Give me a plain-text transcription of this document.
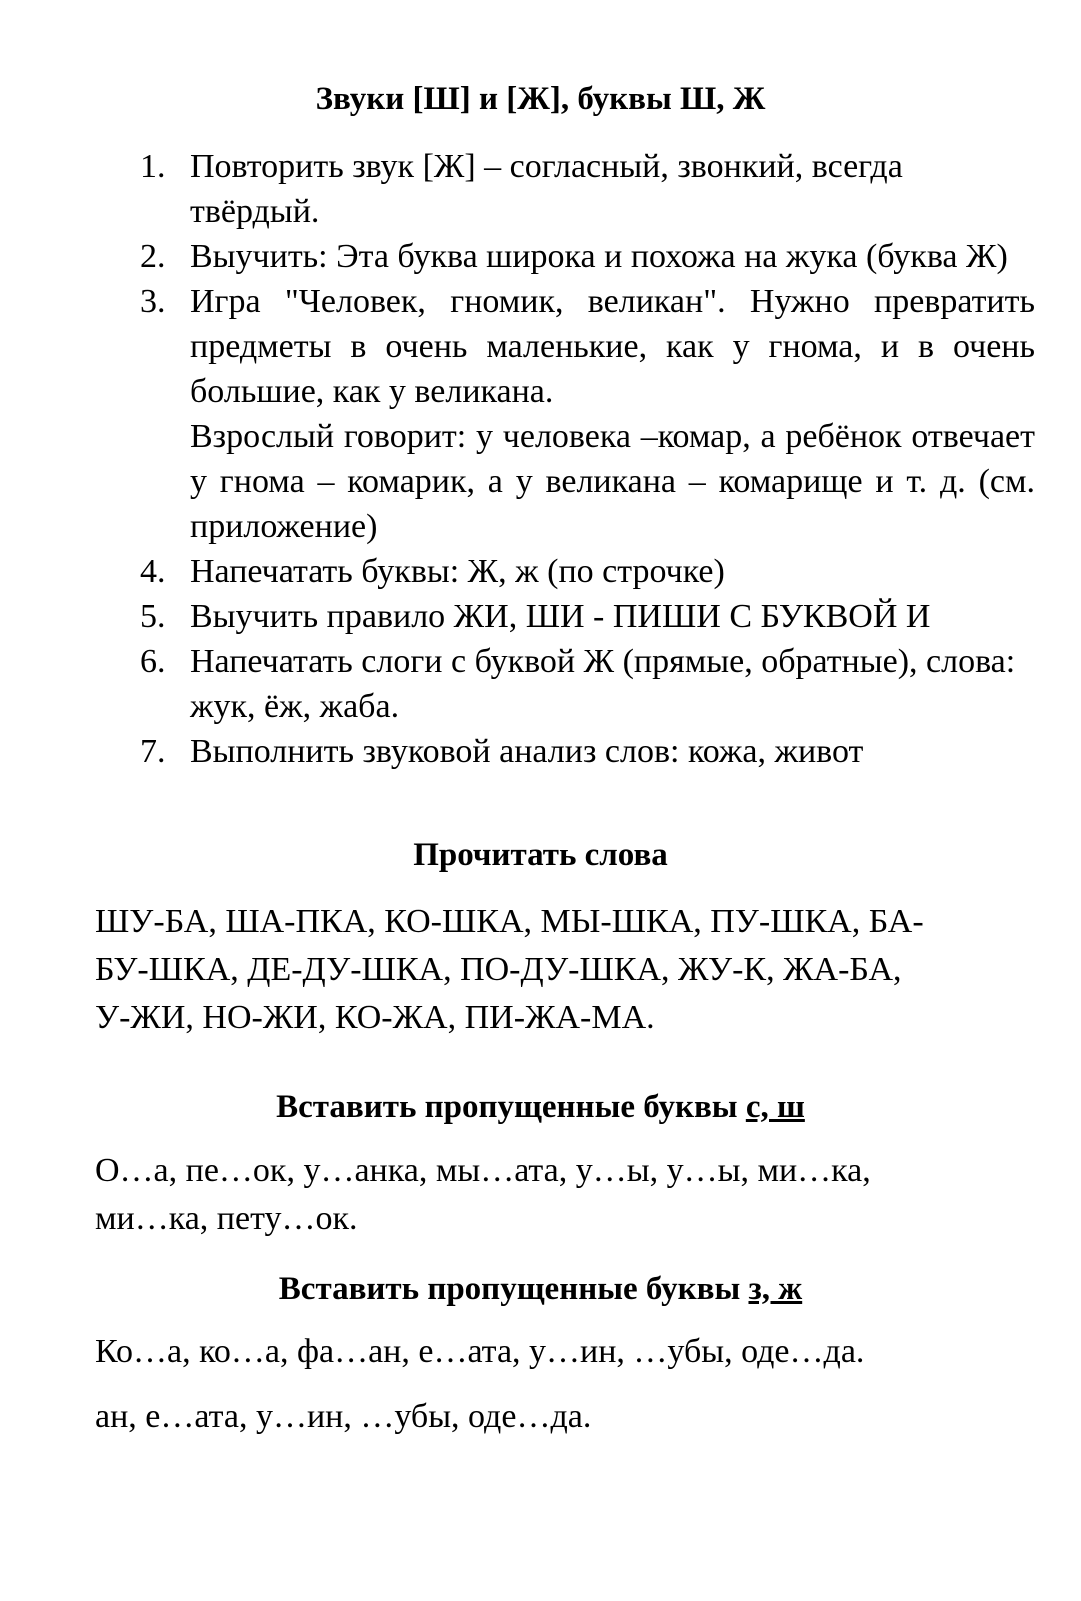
Звуки [Ш] и [Ж], буквы Ш, Ж
1. Повторить звук [Ж] – согласный, звонкий, всегда твёрдый.
2. Выучить: Эта буква широка и похожа на жука (буква Ж)
3. Игра "Человек, гномик, великан". Нужно превратить предметы в очень маленькие, как у гнома, и в очень большие, как у великана.
Взрослый говорит: у человека –комар, а ребёнок отвечает у гнома – комарик, а у великана – комарище и т. д. (см. приложение)
4. Напечатать буквы: Ж, ж (по строчке)
5. Выучить правило ЖИ, ШИ - ПИШИ С БУКВОЙ И
6. Напечатать слоги с буквой Ж (прямые, обратные), слова: жук, ёж, жаба.
7. Выполнить звуковой анализ слов: кожа, живот
Прочитать слова
ШУ-БА, ША-ПКА, КО-ШКА, МЫ-ШКА, ПУ-ШКА, БА-
БУ-ШКА, ДЕ-ДУ-ШКА, ПО-ДУ-ШКА, ЖУ-К, ЖА-БА,
У-ЖИ, НО-ЖИ, КО-ЖА, ПИ-ЖА-МА.
Вставить пропущенные буквы с, ш
О…а, пе…ок, у…анка, мы…ата, у…ы, у…ы, ми…ка,
ми…ка, пету…ок.
Вставить пропущенные буквы з, ж
Ко…а, ко…а, фа…ан, е…ата, у…ин, …убы, оде…да.
ан, е…ата, у…ин, …убы, оде…да.
